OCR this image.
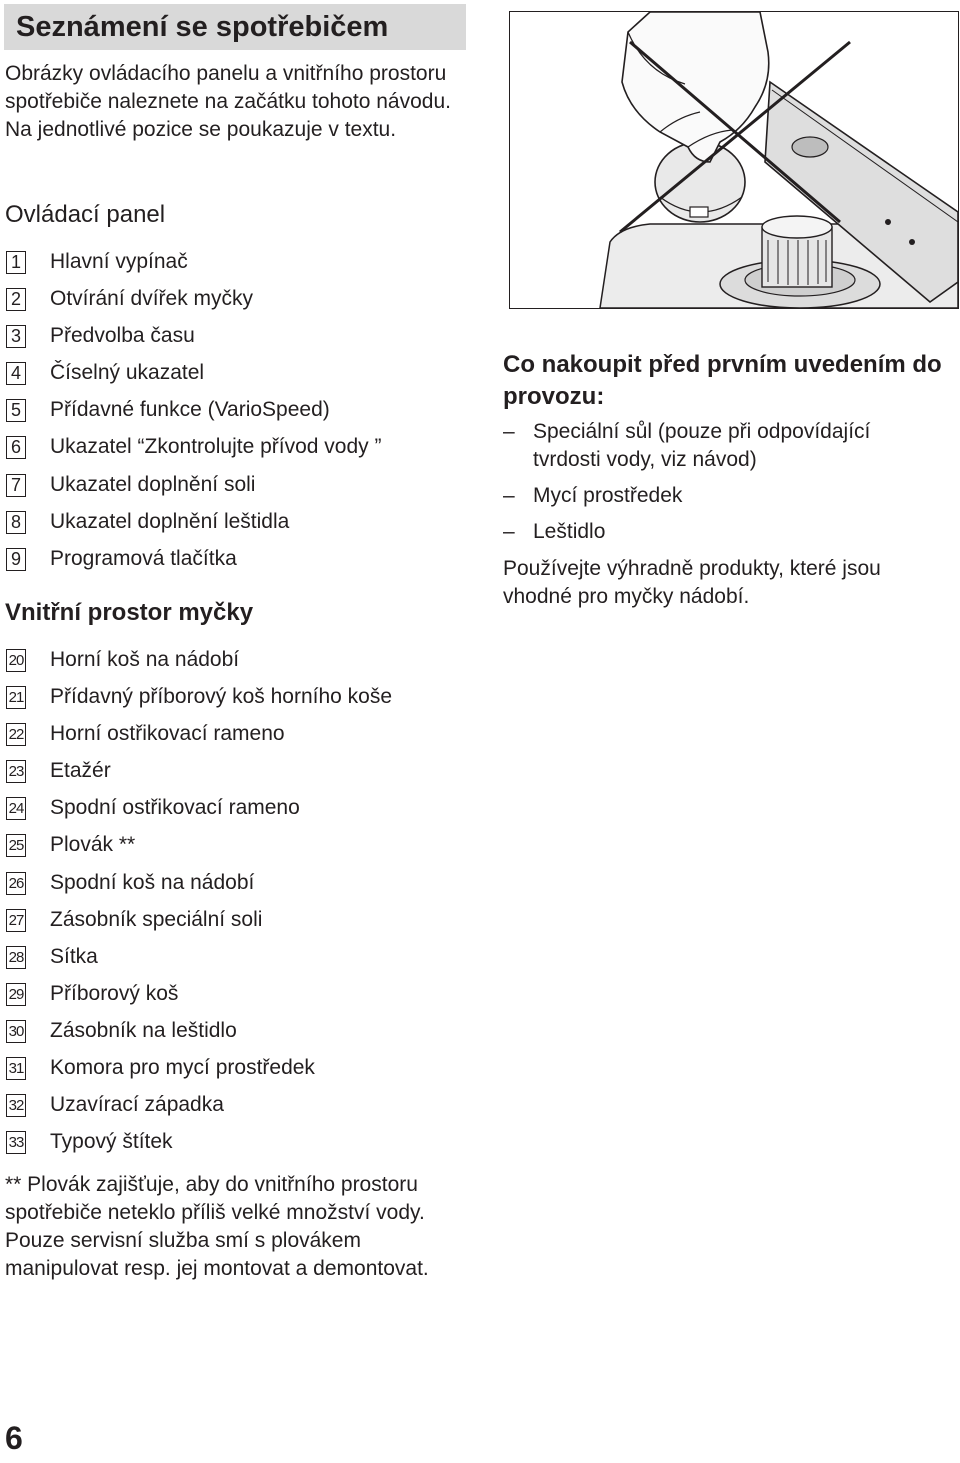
Seznámení se spotřebičem
Obrázky ovládacího panelu a vnitřního prostoru spotřebiče naleznete na začátku tohoto návodu. Na jednotlivé pozice se poukazuje v textu.
Ovládací panel
1 Hlavní vypínač
2 Otvírání dvířek myčky
3 Předvolba času
4 Číselný ukazatel
5 Přídavné funkce (VarioSpeed)
6 Ukazatel “Zkontrolujte přívod vody ”
7 Ukazatel doplnění soli
8 Ukazatel doplnění leštidla
9 Programová tlačítka
Vnitřní prostor myčky
20 Horní koš na nádobí
21 Přídavný příborový koš horního koše
22 Horní ostřikovací rameno
23 Etažér
24 Spodní ostřikovací rameno
25 Plovák **
26 Spodní koš na nádobí
27 Zásobník speciální soli
28 Sítka
29 Příborový koš
30 Zásobník na leštidlo
31 Komora pro mycí prostředek
32 Uzavírací západka
33 Typový štítek
** Plovák zajišťuje, aby do vnitřního prostoru spotřebiče neteklo příliš velké množství vody. Pouze servisní služba smí s plovákem manipulovat resp. jej montovat a demontovat.
6
Co nakoupit před prvním uvedením do provozu:
– Speciální sůl (pouze při odpovídající tvrdosti vody, viz návod)
– Mycí prostředek
– Leštidlo
Používejte výhradně produkty, které jsou vhodné pro myčky nádobí.
